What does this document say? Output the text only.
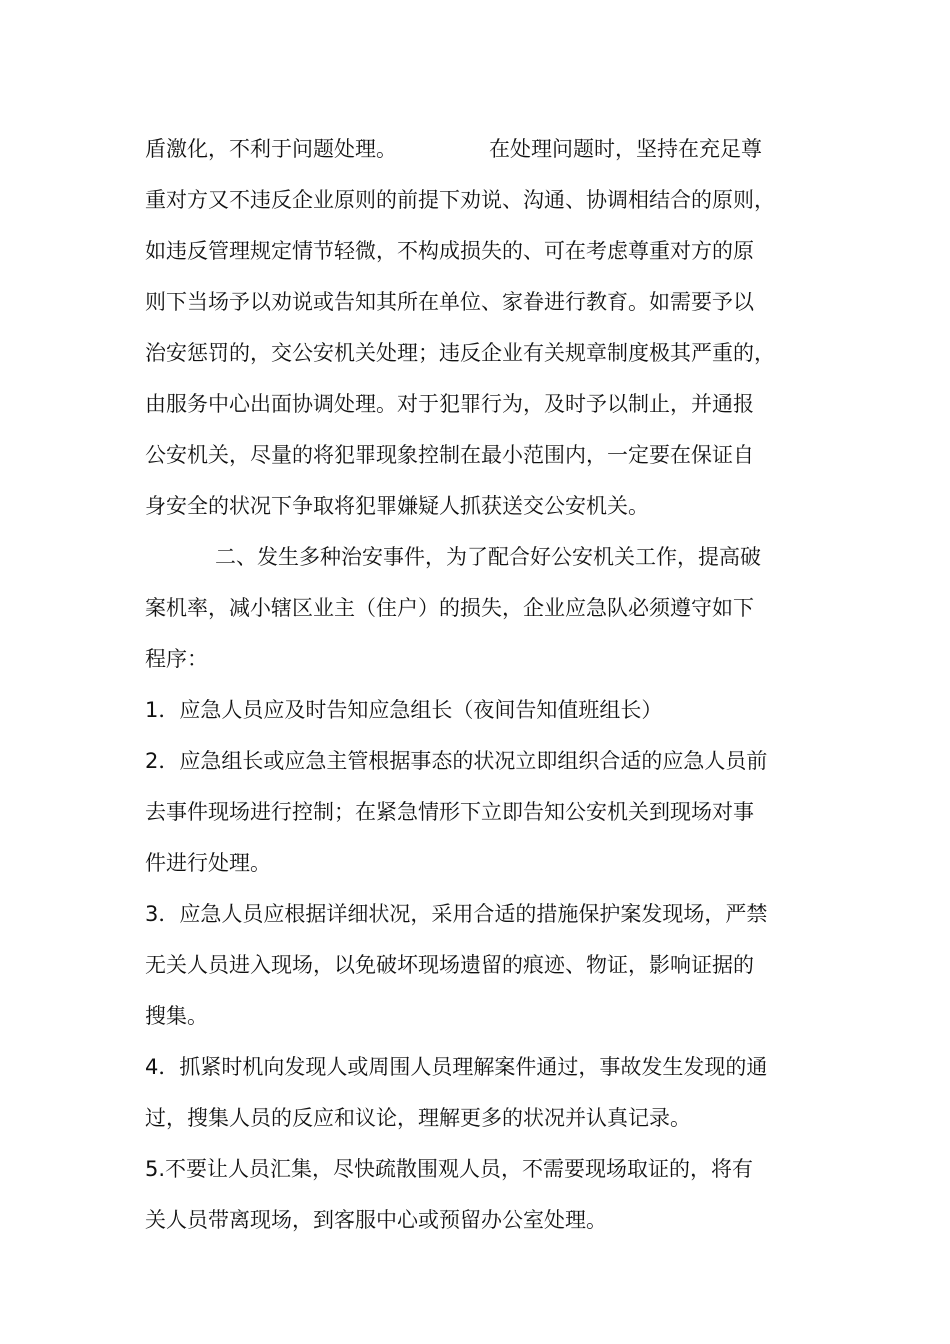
盾激化，不利于问题处理。	在处理问题时，坚持在充足尊
重对方又不违反企业原则的前提下劝说、沟通、协调相结合的原则，
如违反管理规定情节轻微，不构成损失的、可在考虑尊重对方的原
则下当场予以劝说或告知其所在单位、家眷进行教育。如需要予以
治安惩罚的，交公安机关处理；违反企业有关规章制度极其严重的，
由服务中心出面协调处理。对于犯罪行为，及时予以制止，并通报
公安机关，尽量的将犯罪现象控制在最小范围内，一定要在保证自
身安全的状况下争取将犯罪嫌疑人抓获送交公安机关。
二、发生多种治安事件，为了配合好公安机关工作，提高破
案机率，减小辖区业主（住户）的损失，企业应急队必须遵守如下
程序：
1．应急人员应及时告知应急组长（夜间告知值班组长）
2．应急组长或应急主管根据事态的状况立即组织合适的应急人员前
去事件现场进行控制；在紧急情形下立即告知公安机关到现场对事
件进行处理。
3．应急人员应根据详细状况，采用合适的措施保护案发现场，严禁
无关人员进入现场，以免破坏现场遗留的痕迹、物证，影响证据的
搜集。
4．抓紧时机向发现人或周围人员理解案件通过，事故发生发现的通
过，搜集人员的反应和议论，理解更多的状况并认真记录。
5.不要让人员汇集，尽快疏散围观人员，不需要现场取证的，将有
关人员带离现场，到客服中心或预留办公室处理。
